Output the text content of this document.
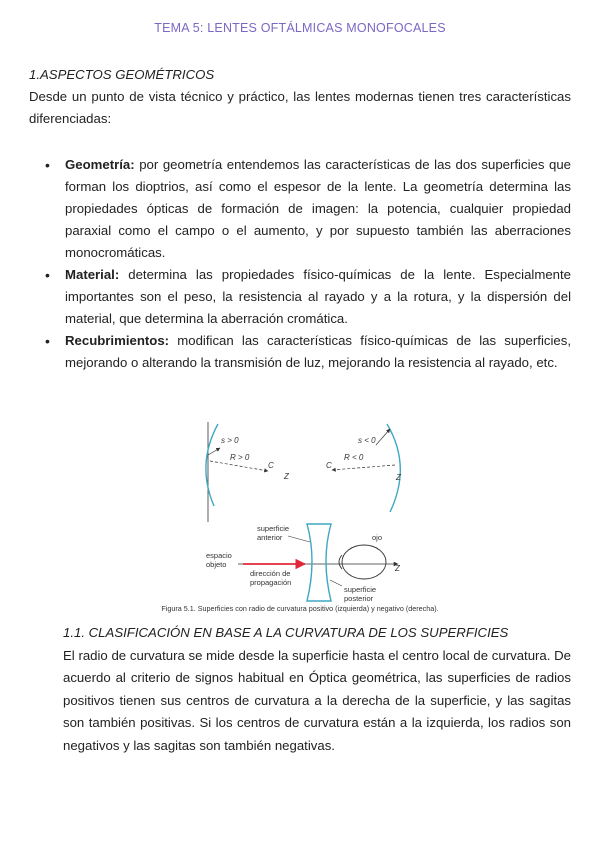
TEMA 5: LENTES OFTÁLMICAS MONOFOCALES

1.ASPECTOS GEOMÉTRICOS

Desde un punto de vista técnico y práctico, las lentes modernas tienen tres características diferenciadas:

• Geometría: por geometría entendemos las características de las dos superficies que forman los dioptrios, así como el espesor de la lente. La geometría determina las propiedades ópticas de formación de imagen: la potencia, cualquier propiedad paraxial como el campo o el aumento, y por supuesto también las aberraciones monocromáticas.
• Material: determina las propiedades físico-químicas de la lente. Especialmente importantes son el peso, la resistencia al rayado y a la rotura, y la dispersión del material, que determina la aberración cromática.
• Recubrimientos: modifican las características físico-químicas de las superficies, mejorando o alterando la transmisión de luz, mejorando la resistencia al rayado, etc.
s > 0
R > 0
C
Z
s < 0
R < 0
C
Z
superficie
anterior
espacio
objeto
dirección de
propagación
ojo
superficie
posterior
Z
Figura 5.1. Superficies con radio de curvatura positivo (izquierda) y negativo (derecha).

1.1. CLASIFICACIÓN EN BASE A LA CURVATURA DE LOS SUPERFICIES

El radio de curvatura se mide desde la superficie hasta el centro local de curvatura. De acuerdo al criterio de signos habitual en Óptica geométrica, las superficies de radios positivos tienen sus centros de curvatura a la derecha de la superficie, y las sagitas son también positivas. Si los centros de curvatura están a la izquierda, los radios son negativos y las sagitas son también negativas.
